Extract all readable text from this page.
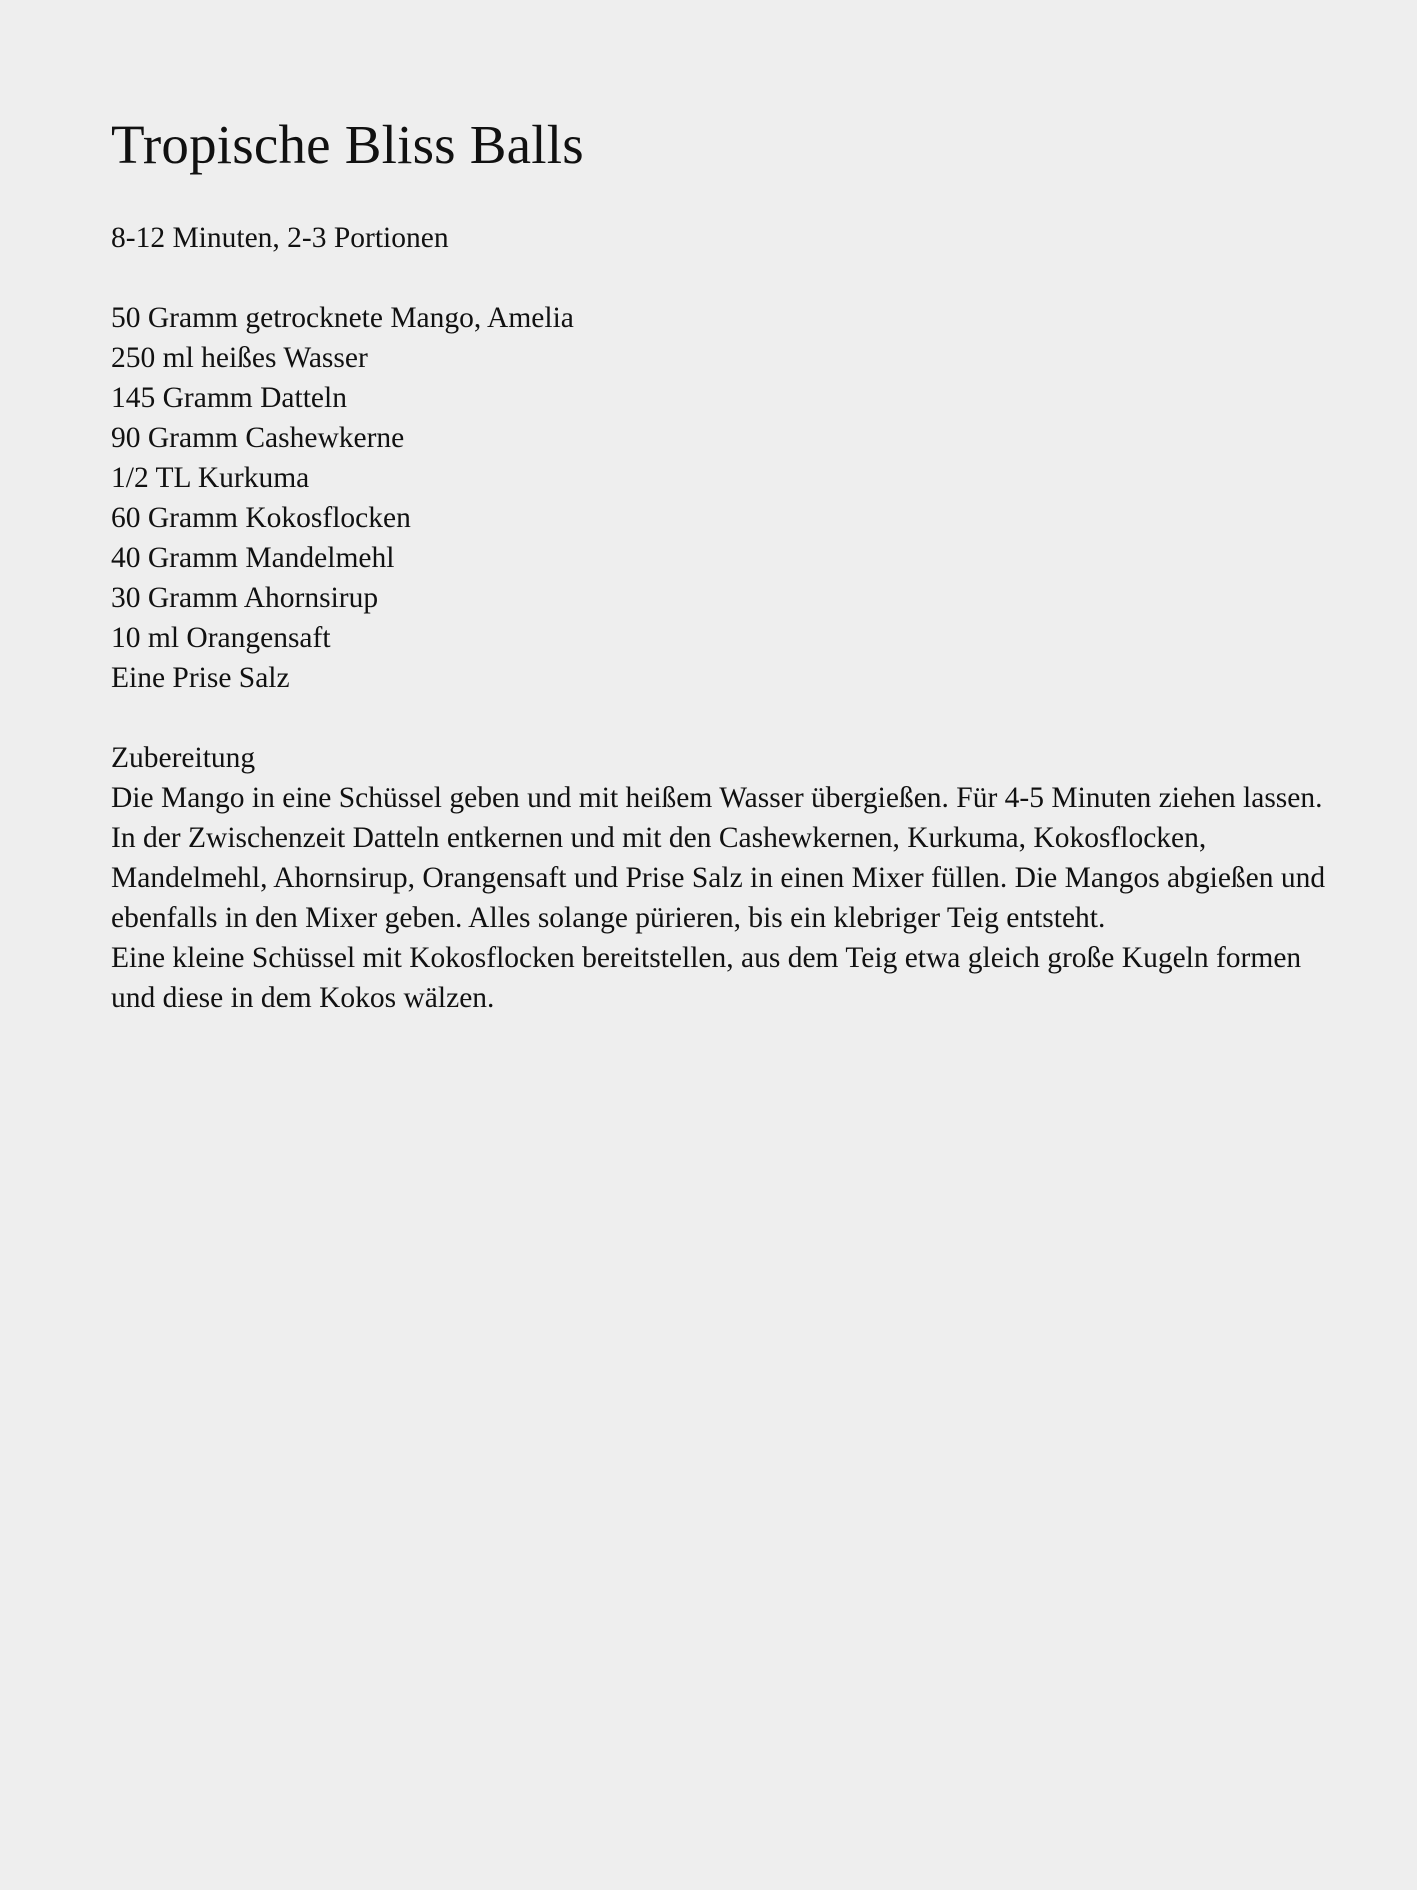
Tropische Bliss Balls

8-12 Minuten, 2-3 Portionen

50 Gramm getrocknete Mango, Amelia
250 ml heißes Wasser
145 Gramm Datteln
90 Gramm Cashewkerne
1/2 TL Kurkuma
60 Gramm Kokosflocken
40 Gramm Mandelmehl
30 Gramm Ahornsirup
10 ml Orangensaft
Eine Prise Salz

Zubereitung

Die Mango in eine Schüssel geben und mit heißem Wasser übergießen. Für 4-5 Minuten ziehen lassen.
In der Zwischenzeit Datteln entkernen und mit den Cashewkernen, Kurkuma, Kokosflocken, Mandelmehl, Ahornsirup, Orangensaft und Prise Salz in einen Mixer füllen. Die Mangos abgießen und ebenfalls in den Mixer geben. Alles solange pürieren, bis ein klebriger Teig entsteht.
Eine kleine Schüssel mit Kokosflocken bereitstellen, aus dem Teig etwa gleich große Kugeln formen und diese in dem Kokos wälzen.
